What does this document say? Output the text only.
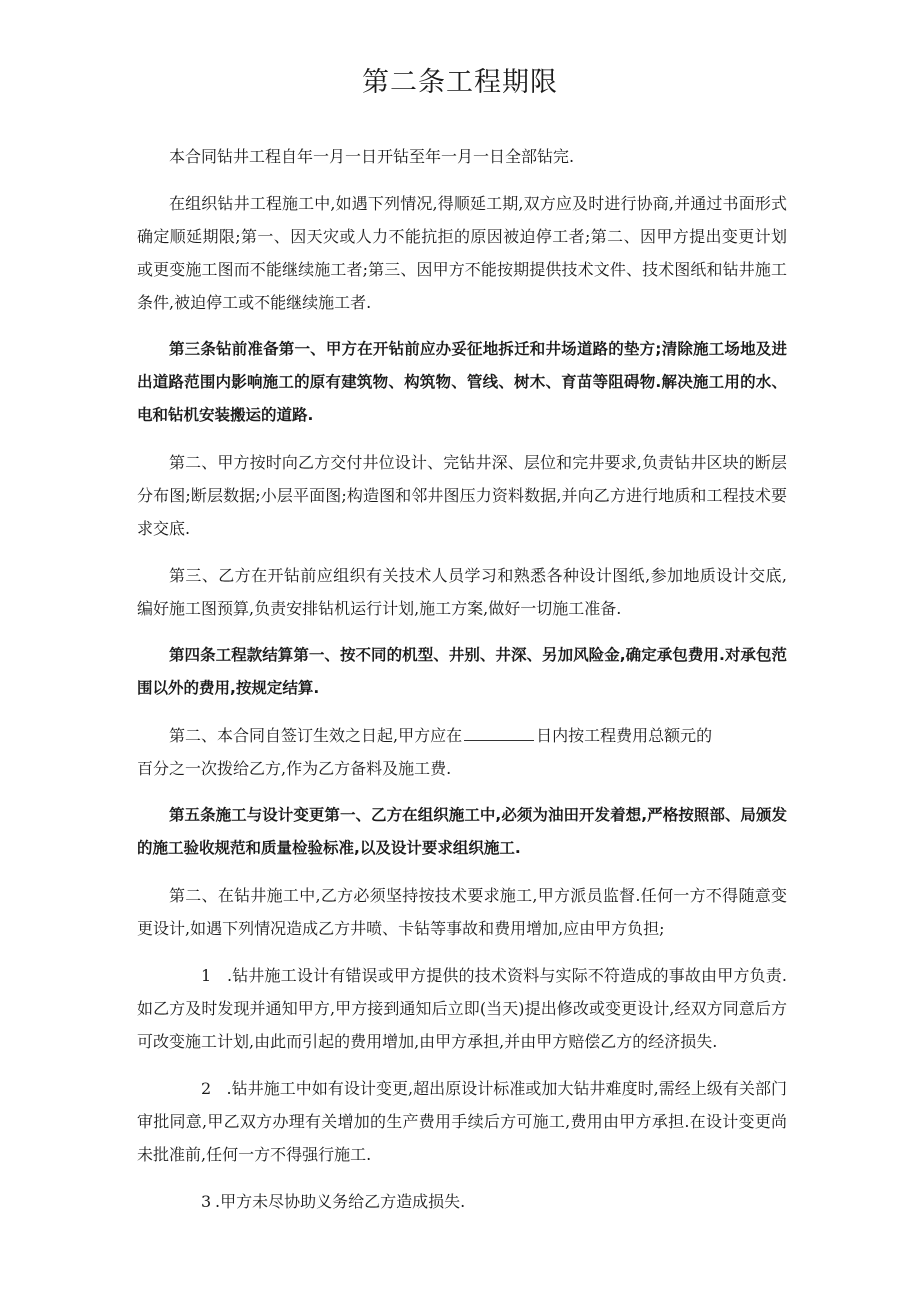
第二条工程期限

本合同钻井工程自年一月一日开钻至年一月一日全部钻完.

在组织钻井工程施工中,如遇下列情况,得顺延工期,双方应及时进行协商,并通过书面形式确定顺延期限;第一、因天灾或人力不能抗拒的原因被迫停工者;第二、因甲方提出变更计划或更变施工图而不能继续施工者;第三、因甲方不能按期提供技术文件、技术图纸和钻井施工条件,被迫停工或不能继续施工者.

第三条钻前准备第一、甲方在开钻前应办妥征地拆迁和井场道路的垫方;清除施工场地及进出道路范围内影响施工的原有建筑物、构筑物、管线、树木、育苗等阻碍物.解决施工用的水、电和钻机安装搬运的道路.

第二、甲方按时向乙方交付井位设计、完钻井深、层位和完井要求,负责钻井区块的断层分布图;断层数据;小层平面图;构造图和邻井图压力资料数据,并向乙方进行地质和工程技术要求交底.

第三、乙方在开钻前应组织有关技术人员学习和熟悉各种设计图纸,参加地质设计交底,编好施工图预算,负责安排钻机运行计划,施工方案,做好一切施工准备.

第四条工程款结算第一、按不同的机型、井别、井深、另加风险金,确定承包费用.对承包范围以外的费用,按规定结算.

第二、本合同自签订生效之日起,甲方应在	日内按工程费用总额元的

百分之一次拨给乙方,作为乙方备料及施工费.

第五条施工与设计变更第一、乙方在组织施工中,必须为油田开发着想,严格按照部、局颁发的施工验收规范和质量检验标准,以及设计要求组织施工.

第二、在钻井施工中,乙方必须坚持按技术要求施工,甲方派员监督.任何一方不得随意变更设计,如遇下列情况造成乙方井喷、卡钻等事故和费用增加,应由甲方负担;

1 .钻井施工设计有错误或甲方提供的技术资料与实际不符造成的事故由甲方负责.如乙方及时发现并通知甲方,甲方接到通知后立即(当天)提出修改或变更设计,经双方同意后方可改变施工计划,由此而引起的费用增加,由甲方承担,并由甲方赔偿乙方的经济损失.

2 .钻井施工中如有设计变更,超出原设计标准或加大钻井难度时,需经上级有关部门审批同意,甲乙双方办理有关增加的生产费用手续后方可施工,费用由甲方承担.在设计变更尚未批准前,任何一方不得强行施工.

3 .甲方未尽协助义务给乙方造成损失.
